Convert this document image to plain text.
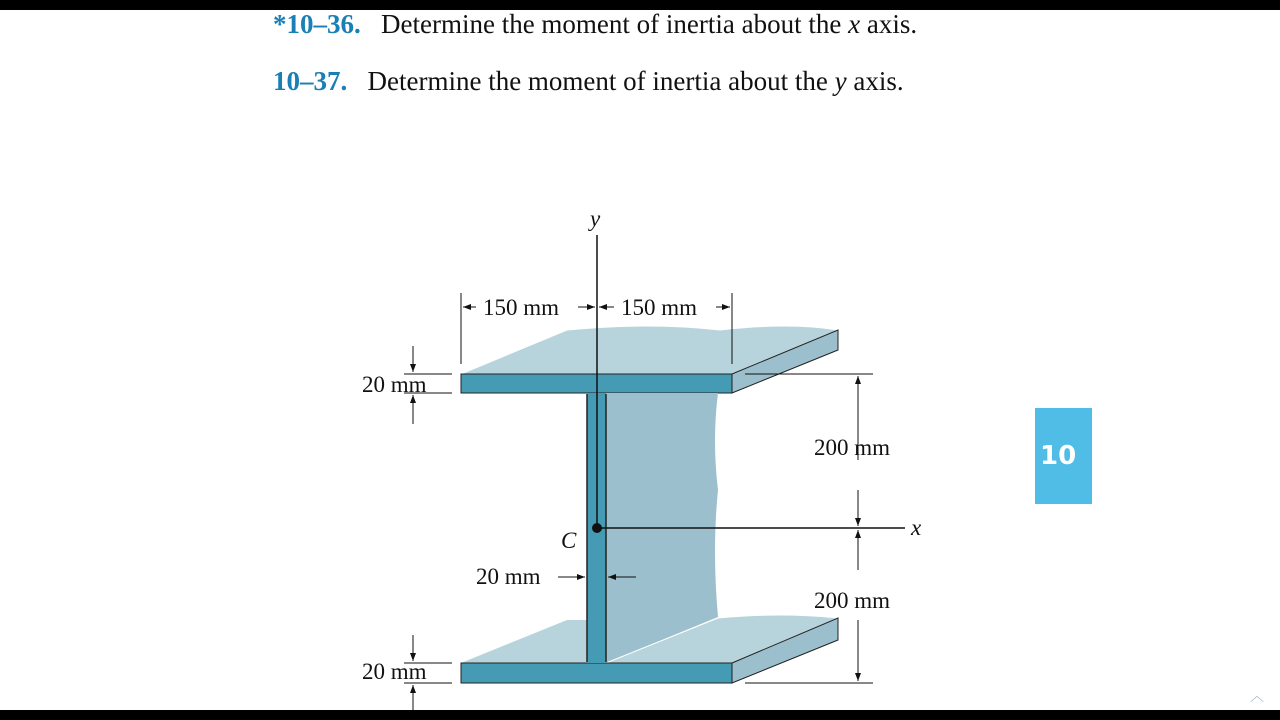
*10–36. Determine the moment of inertia about the x axis.
10–37. Determine the moment of inertia about the y axis.
y
x
C
150 mm	150 mm
20 mm
20 mm
200 mm
200 mm
20 mm
10
︿
